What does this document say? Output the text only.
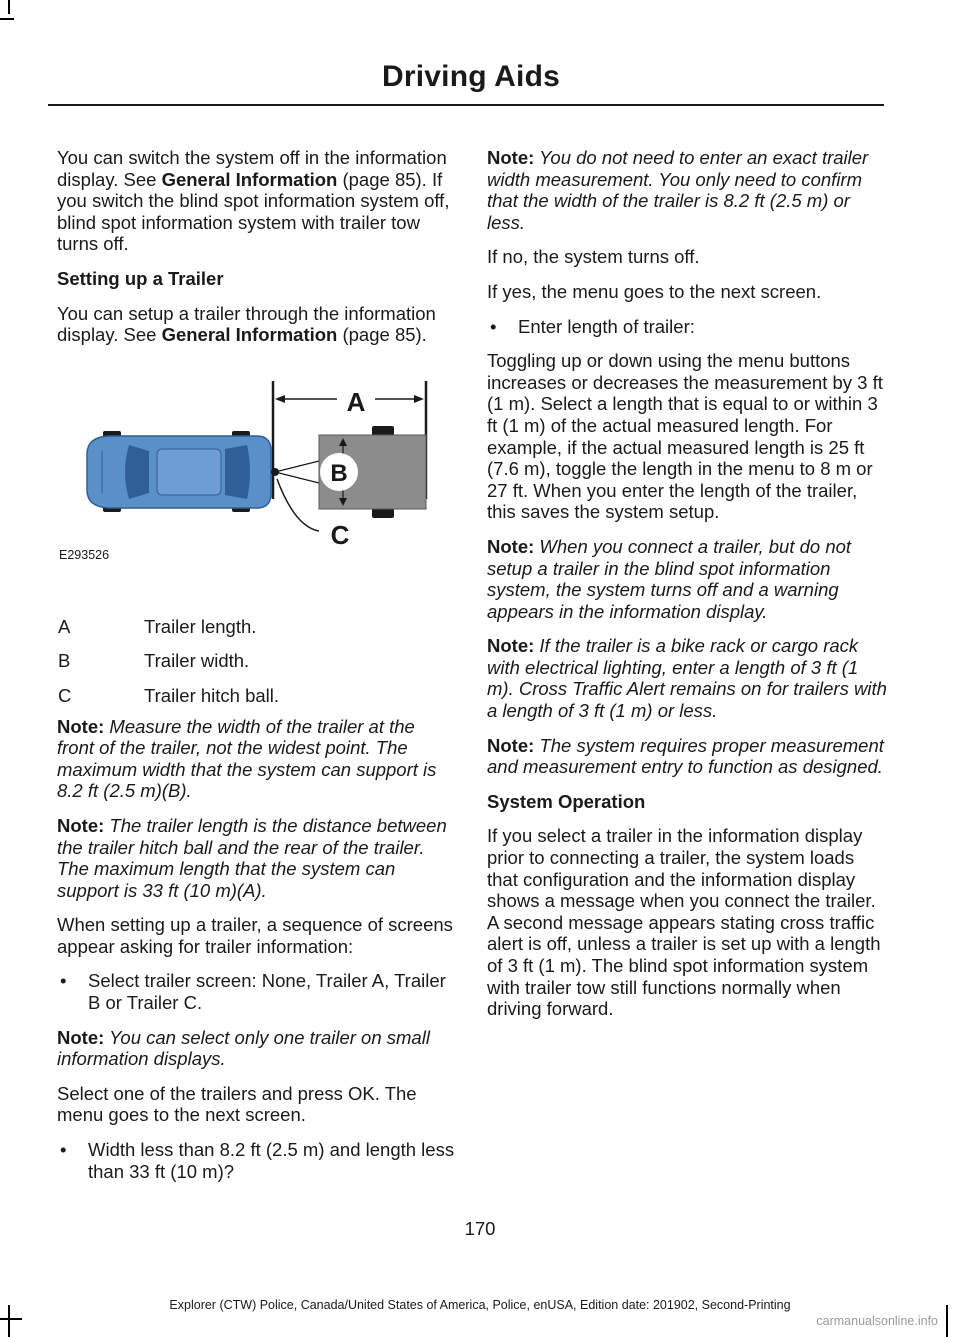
Driving Aids

You can switch the system off in the information display. See General Information (page 85). If you switch the blind spot information system off, blind spot information system with trailer tow turns off.

Setting up a Trailer

You can setup a trailer through the information display. See General Information (page 85).

A
B
C
E293526
A	Trailer length.
B	Trailer width.
C	Trailer hitch ball.

Note: Measure the width of the trailer at the front of the trailer, not the widest point. The maximum width that the system can support is 8.2 ft (2.5 m)(B).

Note: The trailer length is the distance between the trailer hitch ball and the rear of the trailer. The maximum length that the system can support is 33 ft (10 m)(A).

When setting up a trailer, a sequence of screens appear asking for trailer information:

• Select trailer screen: None, Trailer A, Trailer B or Trailer C.

Note: You can select only one trailer on small information displays.

Select one of the trailers and press OK. The menu goes to the next screen.

• Width less than 8.2 ft (2.5 m) and length less than 33 ft (10 m)?

Note: You do not need to enter an exact trailer width measurement. You only need to confirm that the width of the trailer is 8.2 ft (2.5 m) or less.

If no, the system turns off.

If yes, the menu goes to the next screen.

• Enter length of trailer:

Toggling up or down using the menu buttons increases or decreases the measurement by 3 ft (1 m). Select a length that is equal to or within 3 ft (1 m) of the actual measured length. For example, if the actual measured length is 25 ft (7.6 m), toggle the length in the menu to 8 m or 27 ft. When you enter the length of the trailer, this saves the system setup.

Note: When you connect a trailer, but do not setup a trailer in the blind spot information system, the system turns off and a warning appears in the information display.

Note: If the trailer is a bike rack or cargo rack with electrical lighting, enter a length of 3 ft (1 m). Cross Traffic Alert remains on for trailers with a length of 3 ft (1 m) or less.

Note: The system requires proper measurement and measurement entry to function as designed.

System Operation

If you select a trailer in the information display prior to connecting a trailer, the system loads that configuration and the information display shows a message when you connect the trailer. A second message appears stating cross traffic alert is off, unless a trailer is set up with a length of 3 ft (1 m). The blind spot information system with trailer tow still functions normally when driving forward.

170
Explorer (CTW) Police, Canada/United States of America, Police, enUSA, Edition date: 201902, Second-Printing
carmanualsonline.info
